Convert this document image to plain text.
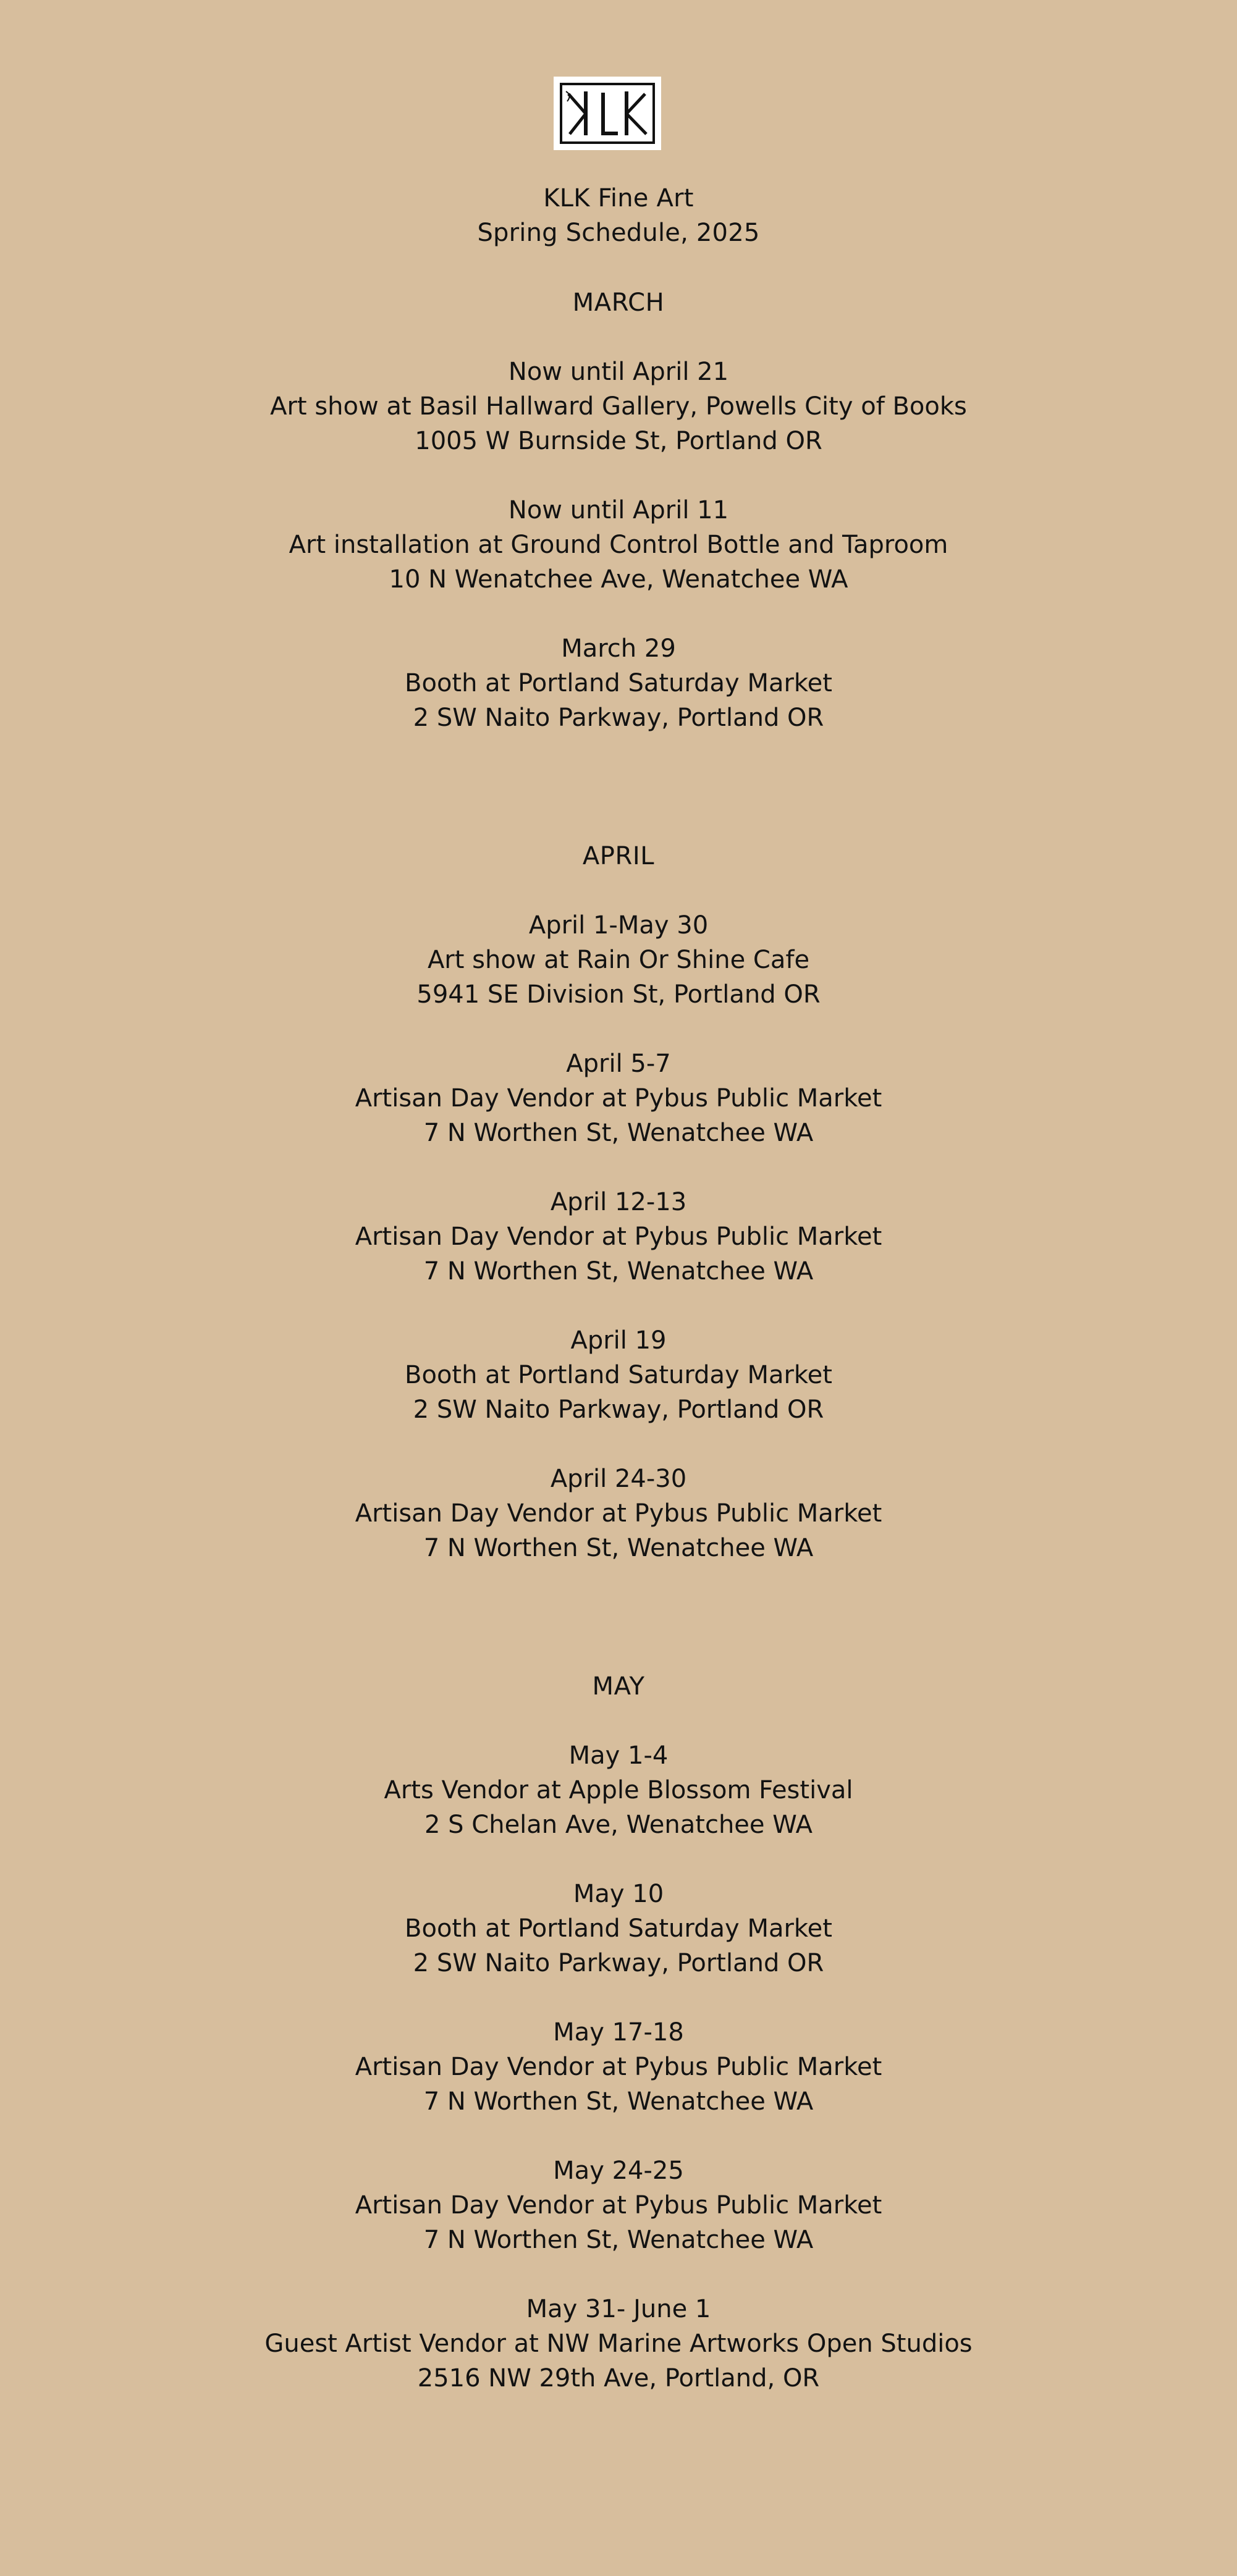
KLK Fine Art
Spring Schedule, 2025
MARCH
Now until April 21
Art show at Basil Hallward Gallery, Powells City of Books
1005 W Burnside St, Portland OR
Now until April 11
Art installation at Ground Control Bottle and Taproom
10 N Wenatchee Ave, Wenatchee WA
March 29
Booth at Portland Saturday Market
2 SW Naito Parkway, Portland OR
APRIL
April 1-May 30
Art show at Rain Or Shine Cafe
5941 SE Division St, Portland OR
April 5-7
Artisan Day Vendor at Pybus Public Market
7 N Worthen St, Wenatchee WA
April 12-13
Artisan Day Vendor at Pybus Public Market
7 N Worthen St, Wenatchee WA
April 19
Booth at Portland Saturday Market
2 SW Naito Parkway, Portland OR
April 24-30
Artisan Day Vendor at Pybus Public Market
7 N Worthen St, Wenatchee WA
MAY
May 1-4
Arts Vendor at Apple Blossom Festival
2 S Chelan Ave, Wenatchee WA
May 10
Booth at Portland Saturday Market
2 SW Naito Parkway, Portland OR
May 17-18
Artisan Day Vendor at Pybus Public Market
7 N Worthen St, Wenatchee WA
May 24-25
Artisan Day Vendor at Pybus Public Market
7 N Worthen St, Wenatchee WA
May 31- June 1
Guest Artist Vendor at NW Marine Artworks Open Studios
2516 NW 29th Ave, Portland, OR
